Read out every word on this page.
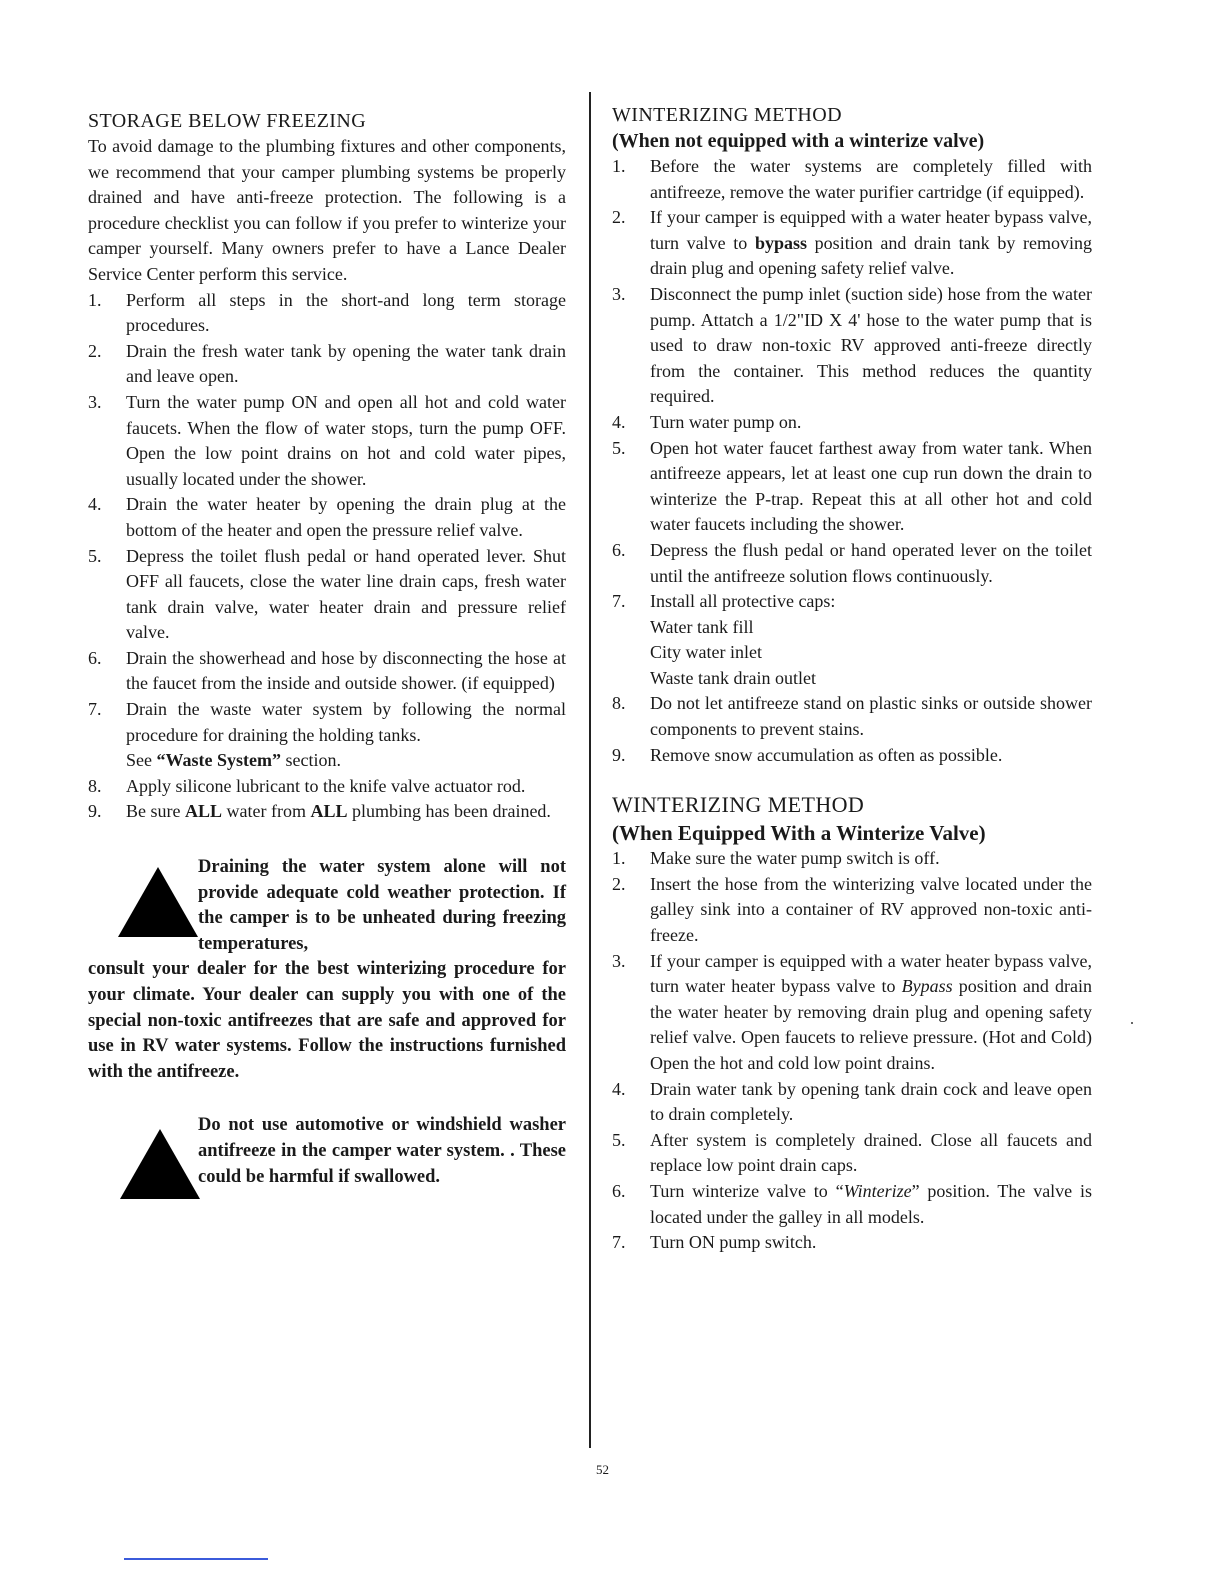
STORAGE BELOW FREEZING

To avoid damage to the plumbing fixtures and other components, we recommend that your camper plumbing systems be properly drained and have anti-freeze protection. The following is a procedure checklist you can follow if you prefer to winterize your camper yourself. Many owners prefer to have a Lance Dealer Service Center perform this service.

1.	Perform all steps in the short-and long term storage procedures.
2.	Drain the fresh water tank by opening the water tank drain and leave open.
3.	Turn the water pump ON and open all hot and cold water faucets. When the flow of water stops, turn the pump OFF. Open the low point drains on hot and cold water pipes, usually located under the shower.
4.	Drain the water heater by opening the drain plug at the bottom of the heater and open the pressure relief valve.
5.	Depress the toilet flush pedal or hand operated lever. Shut OFF all faucets, close the water line drain caps, fresh water tank drain valve, water heater drain and pressure relief valve.
6.	Drain the showerhead and hose by disconnecting the hose at the faucet from the inside and outside shower. (if equipped)
7.	Drain the waste water system by following the normal procedure for draining the holding tanks.
See “Waste System” section.
8.	Apply silicone lubricant to the knife valve actuator rod.
9.	Be sure ALL water from ALL plumbing has been drained.

Draining the water system alone will not provide adequate cold weather protection. If the camper is to be unheated during freezing temperatures,
consult your dealer for the best winterizing procedure for your climate. Your dealer can supply you with one of the special non-toxic antifreezes that are safe and approved for use in RV water systems. Follow the instructions furnished with the antifreeze.

Do not use automotive or windshield washer antifreeze in the camper water system. . These could be harmful if swallowed.

WINTERIZING METHOD
(When not equipped with a winterize valve)
1.	Before the water systems are completely filled with antifreeze, remove the water purifier cartridge (if equipped).
2.	If your camper is equipped with a water heater bypass valve, turn valve to bypass position and drain tank by removing drain plug and opening safety relief valve.
3.	Disconnect the pump inlet (suction side) hose from the water pump. Attatch a 1/2"ID X 4' hose to the water pump that is used to draw non-toxic RV approved anti-freeze directly from the container. This method reduces the quantity required.
4.	Turn water pump on.
5.	Open hot water faucet farthest away from water tank. When antifreeze appears, let at least one cup run down the drain to winterize the P-trap. Repeat this at all other hot and cold water faucets including the shower.
6.	Depress the flush pedal or hand operated lever on the toilet until the antifreeze solution flows continuously.
7.	Install all protective caps:
Water tank fill
City water inlet
Waste tank drain outlet
8.	Do not let antifreeze stand on plastic sinks or outside shower components to prevent stains.
9.	Remove snow accumulation as often as possible.
WINTERIZING METHOD
(When Equipped With a Winterize Valve)
1.	Make sure the water pump switch is off.
2.	Insert the hose from the winterizing valve located under the galley sink into a container of RV approved non-toxic anti-freeze.
3.	If your camper is equipped with a water heater bypass valve, turn water heater bypass valve to Bypass position and drain the water heater by removing drain plug and opening safety relief valve. Open faucets to relieve pressure. (Hot and Cold) Open the hot and cold low point drains.
4.	Drain water tank by opening tank drain cock and leave open to drain completely.
5.	After system is completely drained. Close all faucets and replace low point drain caps.
6.	Turn winterize valve to “Winterize” position. The valve is located under the galley in all models.
7.	Turn ON pump switch.
52
